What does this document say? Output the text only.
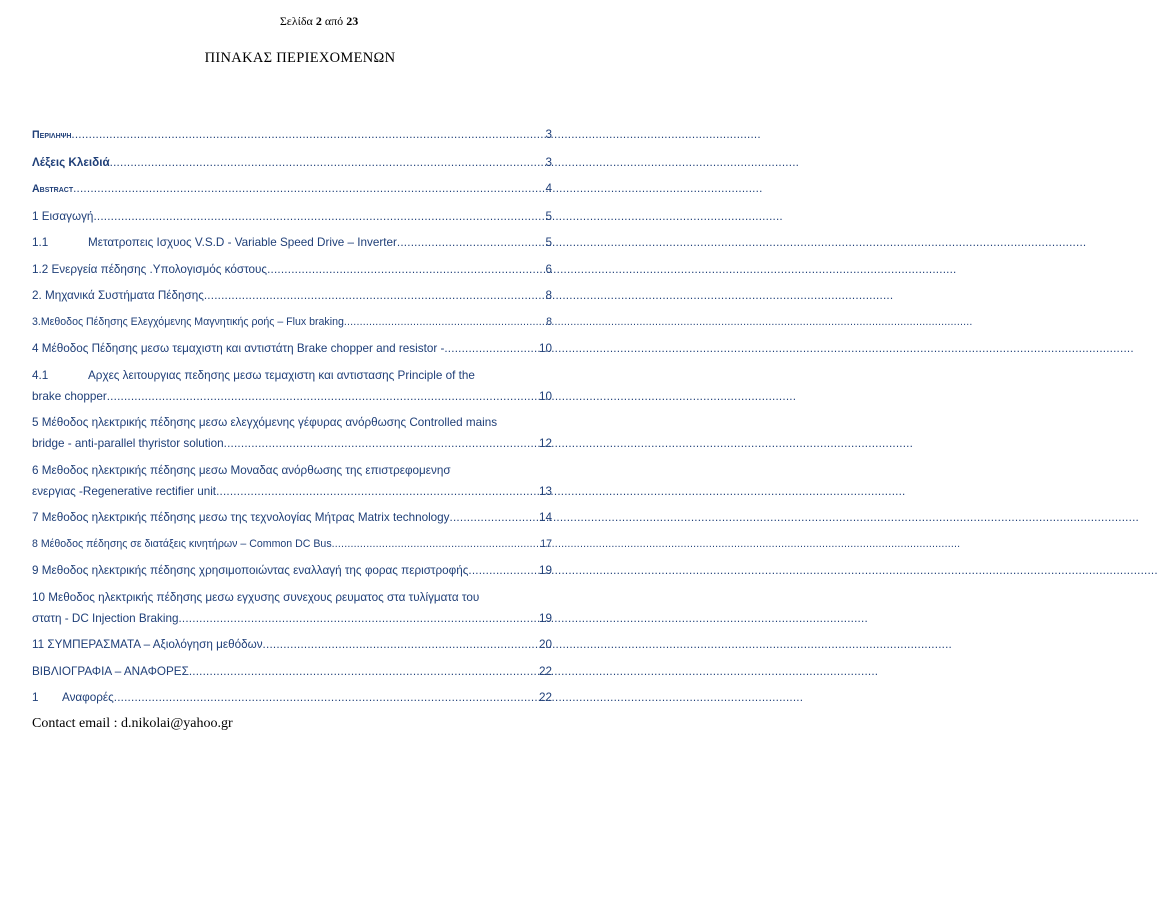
Σελίδα 2 από 23
ΠΙΝΑΚΑΣ ΠΕΡΙΕΧΟΜΕΝΩΝ
Περιληψη .....	3
Λέξεις Κλειδιά .....	3
Abstract .....	4
1 Εισαγωγή .....	5
1.1	Μετατροπεις Ισχυος V.S.D - Variable Speed Drive – Inverter .....	5
1.2 Ενεργεία πέδησης .Υπολογισμός κόστους .....	6
2. Μηχανικά Συστήματα Πέδησης .....	8
3.Μεθοδος Πέδησης Ελεγχόμενης Μαγνητικής ροής – Flux braking .....	8
4 Μέθοδος Πέδησης μεσω τεμαχιστη και αντιστάτη Brake chopper and resistor - .....	10
4.1	Αρχες λειτουργιας πεδησης μεσω τεμαχιστη και αντιστασης Principle of the
brake chopper .....	10
5 Μέθοδος ηλεκτρικής πέδησης μεσω ελεγχόμενης γέφυρας ανόρθωσης Controlled mains
bridge - anti-parallel thyristor solution .....	12
6 Μεθοδος ηλεκτρικής πέδησης μεσω Μοναδας ανόρθωσης της επιστρεφομενησ
ενεργιας -Regenerative rectifier unit .....	13
7 Μεθοδος ηλεκτρικής πέδησης μεσω της τεχνολογίας Μήτρας Matrix technology .....	14
8 Μέθοδος πέδησης σε διατάξεις κινητήρων – Common DC Bus .....	17
9 Μεθοδος ηλεκτρικής πέδησης χρησιμοποιώντας εναλλαγή της φορας περιστροφής .....	19
10 Μεθοδος ηλεκτρικής πέδησης μεσω εγχυσης συνεχους ρευματος στα τυλίγματα του
στατη - DC Injection Braking .....	19
11 ΣΥΜΠΕΡΑΣΜΑΤΑ – Αξιολόγηση μεθόδων .....	20
ΒΙΒΛΙΟΓΡΑΦΙΑ – ΑΝΑΦΟΡΕΣ .....	22
1 Αναφορές .....	22
Contact email : d.nikolai@yahoo.gr
